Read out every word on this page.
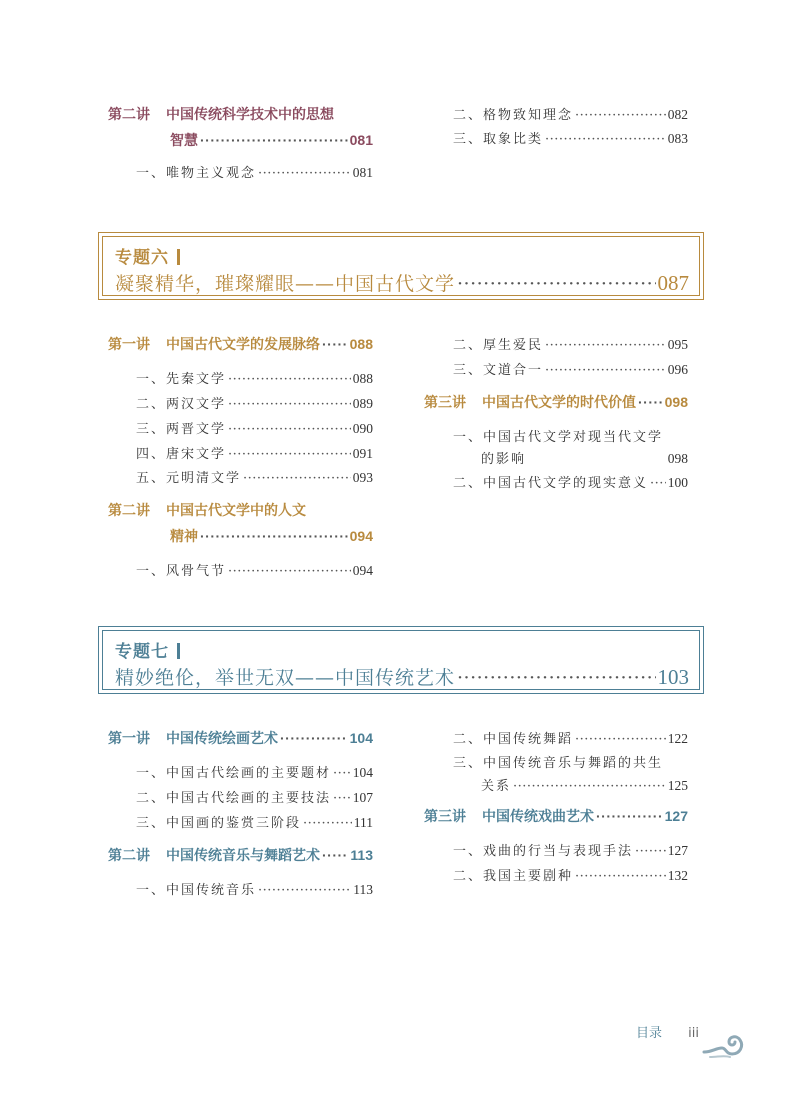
第二讲 中国传统科学技术中的思想
智慧 ·····	081
一、唯物主义观念 ·····	081
二、格物致知理念 ·····	082
三、取象比类 ·····	083
专题六
凝聚精华，璀璨耀眼——中国古代文学 ·····	087
第一讲 中国古代文学的发展脉络 ····· 088
一、先秦文学 ·····	088
二、两汉文学 ·····	089
三、两晋文学 ·····	090
四、唐宋文学 ·····	091
五、元明清文学 ·····	093
第二讲 中国古代文学中的人文
精神 ·····	094
一、风骨气节 ·····	094
二、厚生爱民 ·····	095
三、文道合一 ·····	096
第三讲 中国古代文学的时代价值 ····· 098
一、中国古代文学对现当代文学
的影响	098
二、中国古代文学的现实意义 ····· 100
专题七
精妙绝伦，举世无双——中国传统艺术 ·····	103
第一讲 中国传统绘画艺术 ·····	104
一、中国古代绘画的主要题材 ····· 104
二、中国古代绘画的主要技法 ····· 107
三、中国画的鉴赏三阶段 ·····	111
第二讲 中国传统音乐与舞蹈艺术 ····· 113
一、中国传统音乐 ·····	113
二、中国传统舞蹈 ·····	122
三、中国传统音乐与舞蹈的共生
关系 ·····	125
第三讲 中国传统戏曲艺术 ·····	127
一、戏曲的行当与表现手法 ·····	127
二、我国主要剧种 ·····	132
目录 iii
